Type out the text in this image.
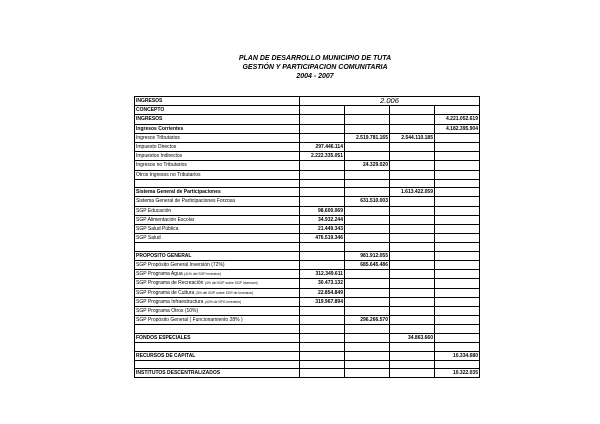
PLAN DE DESARROLLO MUNICIPIO DE TUTA
GESTIÓN Y PARTICIPACION COMUNITARIA
2004 - 2007
INGRESOS	2.006			
CONCEPTO				
INGRESOS				4.221.052.619
Ingresos Corrientes				4.182.395.904
Ingresos Tributarios		2.519.781.165	2.544.110.185	
Impuesto Directos	297.446.114			
Impuestos Indirectos	2.222.335.051			
Ingresos no Tributarios		24.329.020		
Otros Ingresos no Tributarios				

Sistema General de Participaciones			1.613.422.059	
Sistema General de Participaciones Forzosa		631.510.003		
SGP Educación	98.600.069			
SGP Alimentación Escolar	34.932.244			
SGP Salud Pública	21.449.343			
SGP Salud	476.519.346			

PROPOSITO GENERAL		981.912.055		
SGP Propósito General Inversión (72%)		685.645.486		
SGP Programa Agua (41% del SGP inversion)	312.349.611			
SGP Programa de Recreación (4% del SGP sobre SGP Inversion)	30.473.132			
SGP Programa de Cultura (3% del SGP sobre SGP de Inversion)	22.854.849			
SGP Programa Infraestructura (42% de SPG inversión)	319.967.894			
SGP Programa Otros (10%)				
SGP Propósito General ( Funcionamiento 28% )		296.266.570		

FONDOS ESPECIALES			34.863.660	

RECURSOS DE CAPITAL				10.334.680

INSTITUTOS DESCENTRALIZADOS				10.322.035
